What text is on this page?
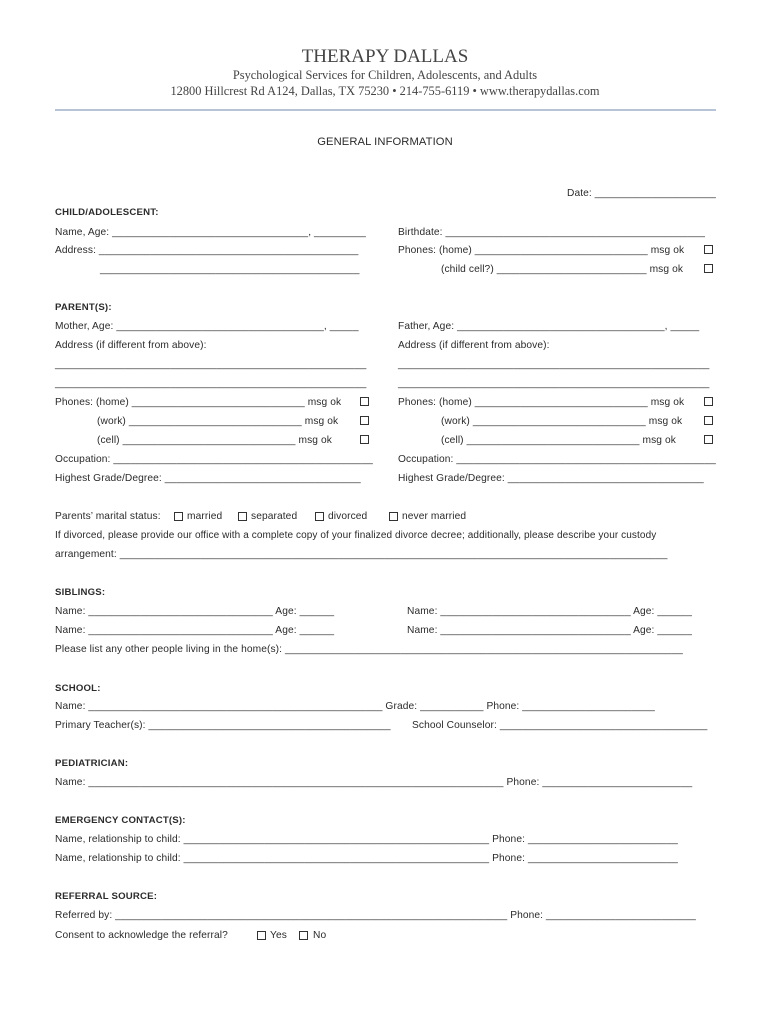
THERAPY DALLAS
Psychological Services for Children, Adolescents, and Adults
12800 Hillcrest Rd A124, Dallas, TX 75230 • 214-755-6119 • www.therapydallas.com
GENERAL INFORMATION
Date: _____________________
CHILD/ADOLESCENT:
Name, Age: __________________________________, _________	Birthdate: _____________________________________________
Address: _____________________________________________	Phones: (home) ______________________________ msg ok
_____________________________________________	(child cell?) __________________________ msg ok
PARENT(S):
Mother, Age: ____________________________________, _____	Father, Age: ____________________________________, _____
Address (if different from above):	Address (if different from above):
______________________________________________________	______________________________________________________
______________________________________________________	______________________________________________________
Phones: (home) ______________________________ msg ok	Phones: (home) ______________________________ msg ok
(work) ______________________________ msg ok	(work) ______________________________ msg ok
(cell) ______________________________ msg ok	(cell) ______________________________ msg ok
Occupation: _____________________________________________ Occupation: _____________________________________________
Highest Grade/Degree: __________________________________	Highest Grade/Degree: __________________________________
Parents’ marital status:	married	separated	divorced	never married
If divorced, please provide our office with a complete copy of your finalized divorce decree; additionally, please describe your custody
arrangement: _______________________________________________________________________________________________
SIBLINGS:
Name: ________________________________ Age: ______	Name: _________________________________ Age: ______
Name: ________________________________ Age: ______	Name: _________________________________ Age: ______
Please list any other people living in the home(s): _____________________________________________________________________
SCHOOL:
Name: ___________________________________________________ Grade: ___________ Phone: _______________________
Primary Teacher(s): __________________________________________ School Counselor: ____________________________________
PEDIATRICIAN:
Name: ________________________________________________________________________ Phone: __________________________
EMERGENCY CONTACT(S):
Name, relationship to child: _____________________________________________________ Phone: __________________________
Name, relationship to child: _____________________________________________________ Phone: __________________________
REFERRAL SOURCE:
Referred by: ____________________________________________________________________ Phone: __________________________
Consent to acknowledge the referral?	Yes	No
